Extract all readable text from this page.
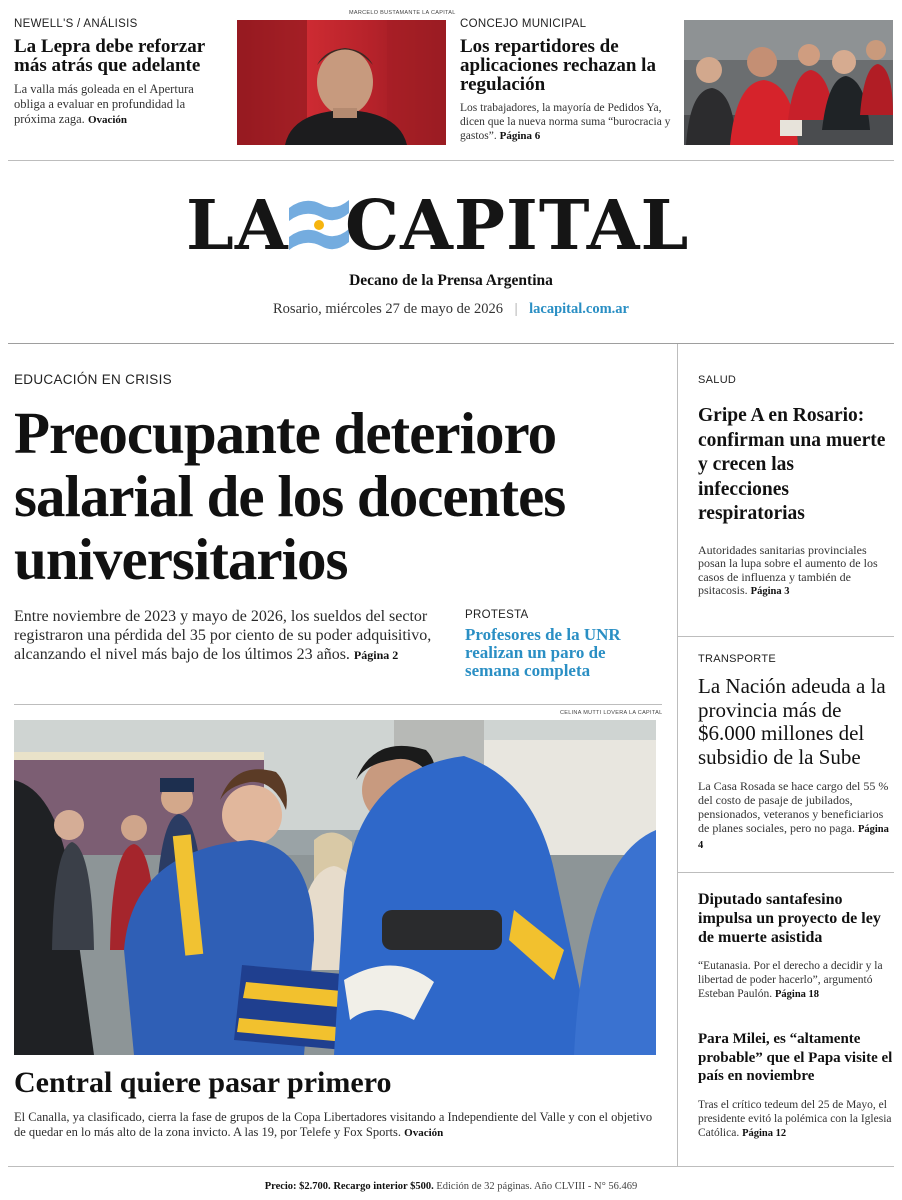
NEWELL'S / ANÁLISIS
La Lepra debe reforzar más atrás que adelante
La valla más goleada en el Apertura obliga a evaluar en profundidad la próxima zaga. Ovación
MARCELO BUSTAMANTE LA CAPITAL
CONCEJO MUNICIPAL
Los repartidores de aplicaciones rechazan la regulación
Los trabajadores, la mayoría de Pedidos Ya, dicen que la nueva norma suma “burocracia y gastos”. Página 6
LA CAPITAL
Decano de la Prensa Argentina
Rosario, miércoles 27 de mayo de 2026 | lacapital.com.ar
EDUCACIÓN EN CRISIS
Preocupante deterioro salarial de los docentes universitarios
Entre noviembre de 2023 y mayo de 2026, los sueldos del sector registraron una pérdida del 35 por ciento de su poder adquisitivo, alcanzando el nivel más bajo de los últimos 23 años. Página 2
PROTESTA
Profesores de la UNR realizan un paro de semana completa
CELINA MUTTI LOVERA LA CAPITAL
Central quiere pasar primero
El Canalla, ya clasificado, cierra la fase de grupos de la Copa Libertadores visitando a Independiente del Valle y con el objetivo de quedar en lo más alto de la zona invicto. A las 19, por Telefe y Fox Sports. Ovación
SALUD
Gripe A en Rosario: confirman una muerte y crecen las infecciones respiratorias
Autoridades sanitarias provinciales posan la lupa sobre el aumento de los casos de influenza y también de psitacosis. Página 3
TRANSPORTE
La Nación adeuda a la provincia más de $6.000 millones del subsidio de la Sube
La Casa Rosada se hace cargo del 55 % del costo de pasaje de jubilados, pensionados, veteranos y beneficiarios de planes sociales, pero no paga. Página 4
Diputado santafesino impulsa un proyecto de ley de muerte asistida
“Eutanasia. Por el derecho a decidir y la libertad de poder hacerlo”, argumentó Esteban Paulón. Página 18
Para Milei, es “altamente probable” que el Papa visite el país en noviembre
Tras el crítico tedeum del 25 de Mayo, el presidente evitó la polémica con la Iglesia Católica. Página 12
Precio: $2.700. Recargo interior $500. Edición de 32 páginas. Año CLVIII - N° 56.469
